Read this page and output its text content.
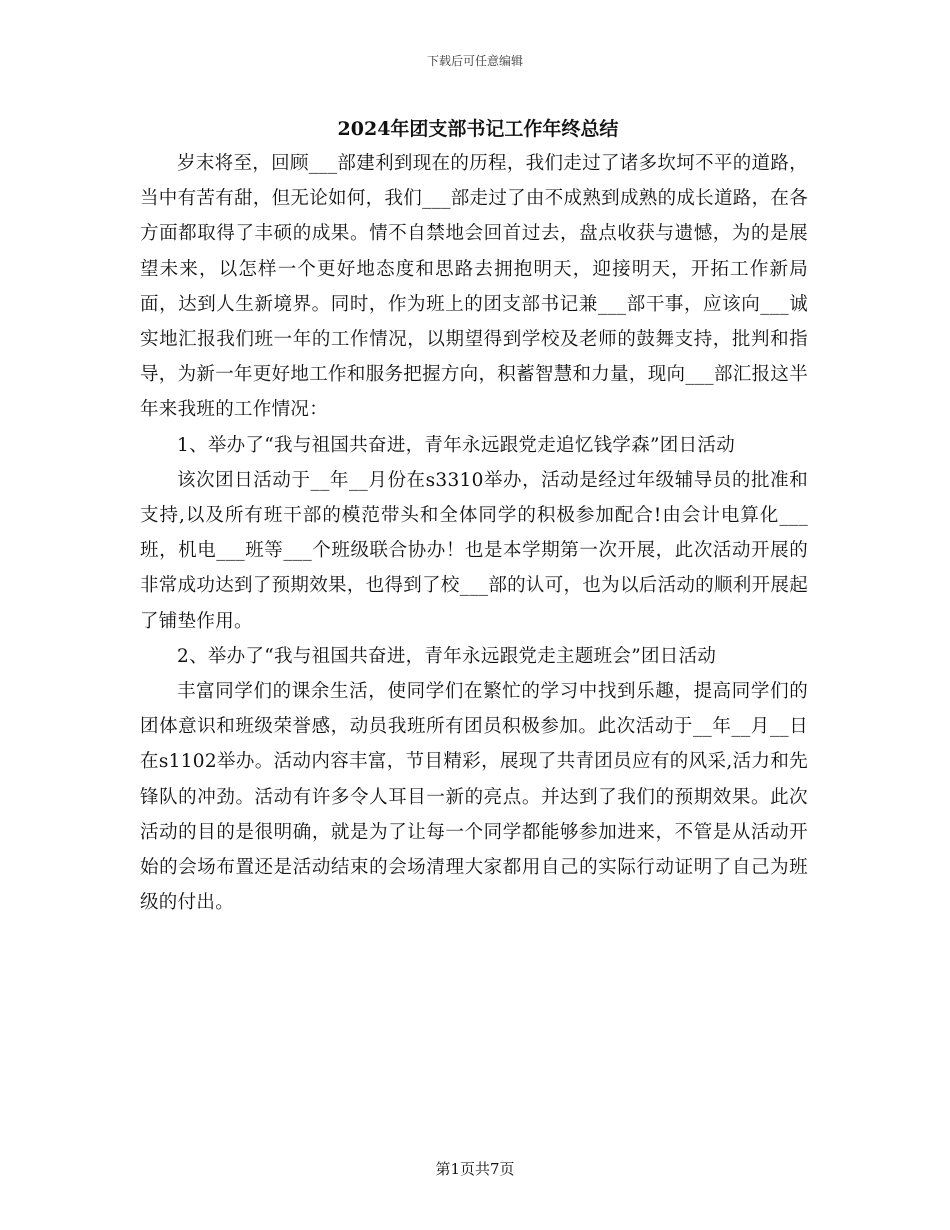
下载后可任意编辑
2024年团支部书记工作年终总结

岁末将至，回顾___部建利到现在的历程，我们走过了诸多坎坷不平的道路，当中有苦有甜，但无论如何，我们___部走过了由不成熟到成熟的成长道路，在各方面都取得了丰硕的成果。情不自禁地会回首过去，盘点收获与遗憾，为的是展望未来，以怎样一个更好地态度和思路去拥抱明天，迎接明天，开拓工作新局面，达到人生新境界。同时，作为班上的团支部书记兼___部干事，应该向___诚实地汇报我们班一年的工作情况，以期望得到学校及老师的鼓舞支持，批判和指导，为新一年更好地工作和服务把握方向，积蓄智慧和力量，现向___部汇报这半年来我班的工作情况：

1、举办了“我与祖国共奋进，青年永远跟党走追忆钱学森”团日活动

该次团日活动于__年__月份在s3310举办，活动是经过年级辅导员的批准和支持,以及所有班干部的模范带头和全体同学的积极参加配合!由会计电算化___班，机电___班等___个班级联合协办！也是本学期第一次开展，此次活动开展的非常成功达到了预期效果，也得到了校___部的认可，也为以后活动的顺利开展起了铺垫作用。

2、举办了“我与祖国共奋进，青年永远跟党走主题班会”团日活动

丰富同学们的课余生活，使同学们在繁忙的学习中找到乐趣，提高同学们的团体意识和班级荣誉感，动员我班所有团员积极参加。此次活动于__年__月__日在s1102举办。活动内容丰富，节目精彩，展现了共青团员应有的风采,活力和先锋队的冲劲。活动有许多令人耳目一新的亮点。并达到了我们的预期效果。此次活动的目的是很明确，就是为了让每一个同学都能够参加进来，不管是从活动开始的会场布置还是活动结束的会场清理大家都用自己的实际行动证明了自己为班级的付出。

第1页共7页
